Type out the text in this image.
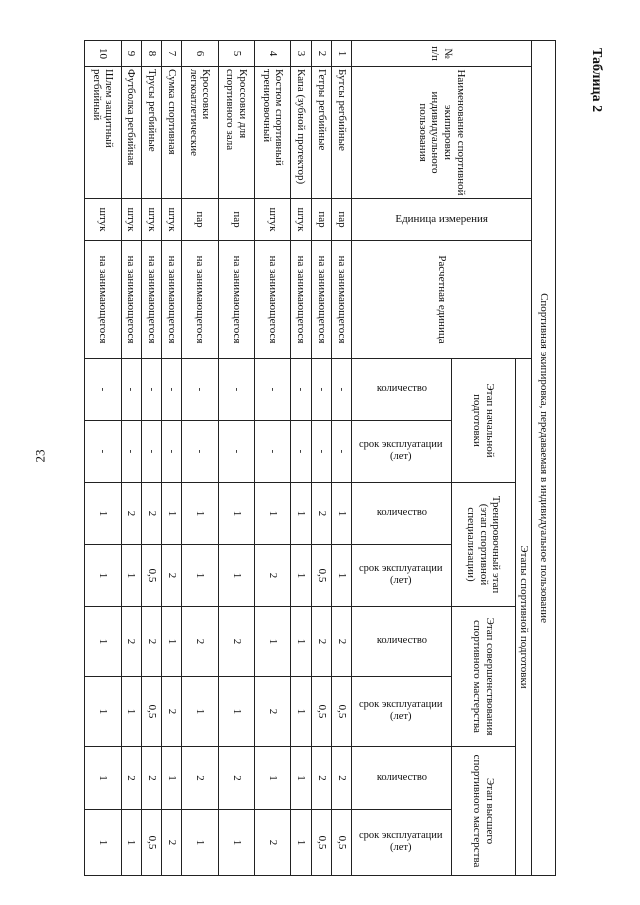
23
Таблица 2
Спортивная экипировка, передаваемая в индивидуальное пользование											
№ п/п	Наименование спортивной экипировки индивидуального пользования	Единица измерения	Расчетная единица	Этапы спортивной подготовки							
				Этап начальной подготовки		Тренировочный этап (этап спортивной специализации)		Этап совершенствования спортивного мастерства		Этап высшего спортивного мастерства	

				количество	срок эксплуатации (лет)	количество	срок эксплуатации (лет)	количество	срок эксплуатации (лет)	количество	срок эксплуатации (лет)

1	Бутсы регбийные	пар	на занимающегося	-	-	1	1	2	0,5	2	0,5
2	Гетры регбийные	пар	на занимающегося	-	-	2	0,5	2	0,5	2	0,5
3	Капа (зубной протектор)	штук	на занимающегося	-	-	1	1	1	1	1	1
4	Костюм спортивный тренировочный	штук	на занимающегося	-	-	1	2	1	2	1	2
5	Кроссовки для спортивного зала	пар	на занимающегося	-	-	1	1	2	1	2	1
6	Кроссовки легкоатлетические	пар	на занимающегося	-	-	1	1	2	1	2	1
7	Сумка спортивная	штук	на занимающегося	-	-	1	2	1	2	1	2
8	Трусы регбийные	штук	на занимающегося	-	-	2	0,5	2	0,5	2	0,5
9	Футболка регбийная	штук	на занимающегося	-	-	2	1	2	1	2	1
10	Шлем защитный регбийный	штук	на занимающегося	-	-	1	1	1	1	1	1
